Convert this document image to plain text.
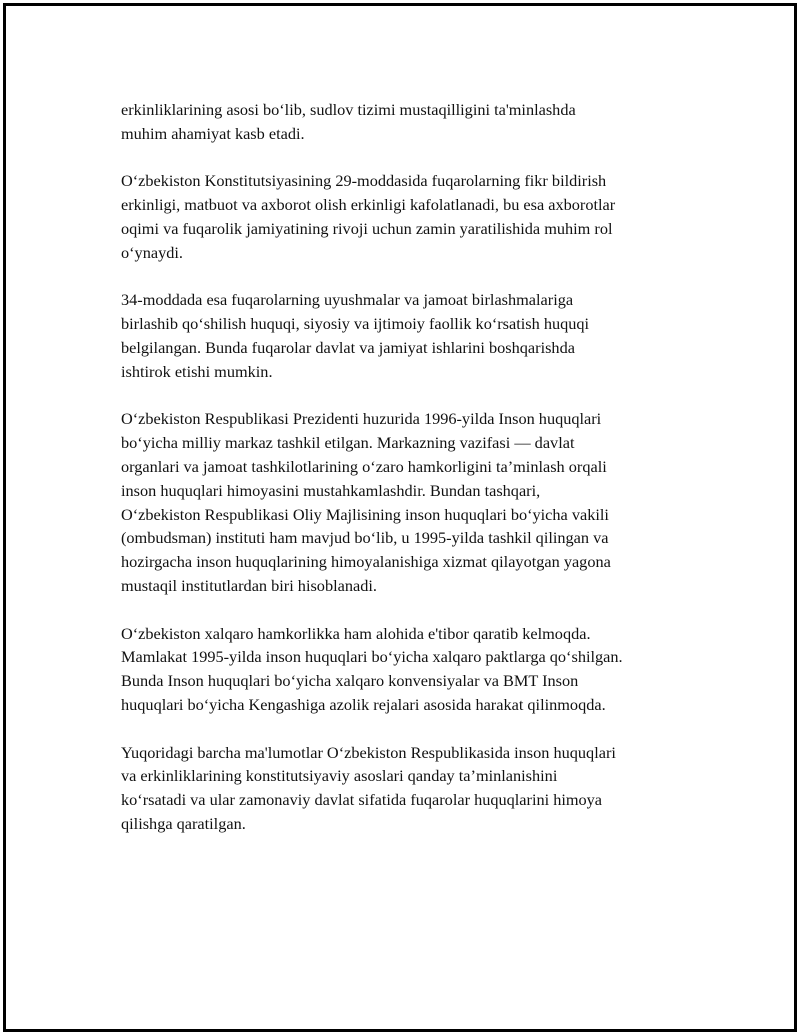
erkinliklarining asosi bo‘lib, sudlov tizimi mustaqilligini ta'minlashda
muhim ahamiyat kasb etadi.

O‘zbekiston Konstitutsiyasining 29-moddasida fuqarolarning fikr bildirish
erkinligi, matbuot va axborot olish erkinligi kafolatlanadi, bu esa axborotlar
oqimi va fuqarolik jamiyatining rivoji uchun zamin yaratilishida muhim rol
o‘ynaydi.

34-moddada esa fuqarolarning uyushmalar va jamoat birlashmalariga
birlashib qo‘shilish huquqi, siyosiy va ijtimoiy faollik ko‘rsatish huquqi
belgilangan. Bunda fuqarolar davlat va jamiyat ishlarini boshqarishda
ishtirok etishi mumkin.

O‘zbekiston Respublikasi Prezidenti huzurida 1996-yilda Inson huquqlari
bo‘yicha milliy markaz tashkil etilgan. Markazning vazifasi — davlat
organlari va jamoat tashkilotlarining o‘zaro hamkorligini ta’minlash orqali
inson huquqlari himoyasini mustahkamlashdir. Bundan tashqari,
O‘zbekiston Respublikasi Oliy Majlisining inson huquqlari bo‘yicha vakili
(ombudsman) instituti ham mavjud bo‘lib, u 1995-yilda tashkil qilingan va
hozirgacha inson huquqlarining himoyalanishiga xizmat qilayotgan yagona
mustaqil institutlardan biri hisoblanadi.

O‘zbekiston xalqaro hamkorlikka ham alohida e'tibor qaratib kelmoqda.
Mamlakat 1995-yilda inson huquqlari bo‘yicha xalqaro paktlarga qo‘shilgan.
Bunda Inson huquqlari bo‘yicha xalqaro konvensiyalar va BMT Inson
huquqlari bo‘yicha Kengashiga azolik rejalari asosida harakat qilinmoqda.

Yuqoridagi barcha ma'lumotlar O‘zbekiston Respublikasida inson huquqlari
va erkinliklarining konstitutsiyaviy asoslari qanday ta’minlanishini
ko‘rsatadi va ular zamonaviy davlat sifatida fuqarolar huquqlarini himoya
qilishga qaratilgan.
